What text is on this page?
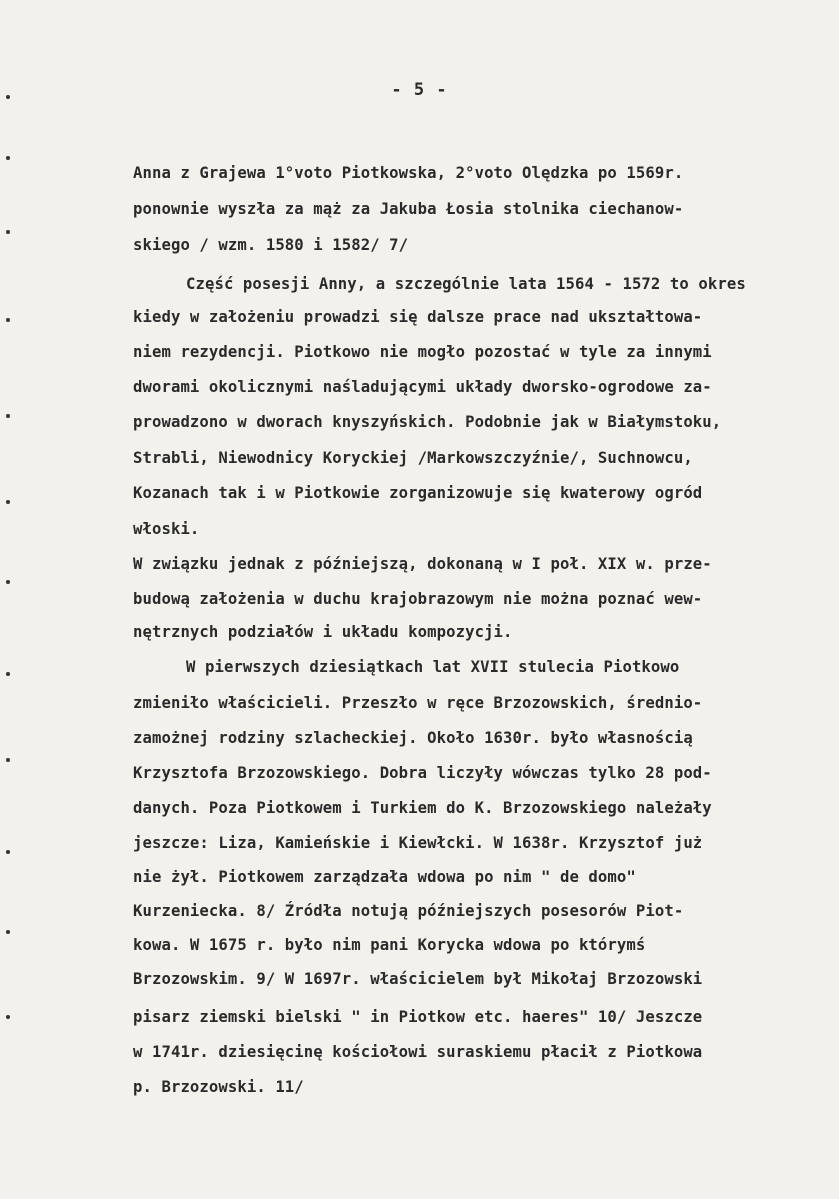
- 5 -
Anna z Grajewa 1°voto Piotkowska, 2°voto Olędzka po 1569r.
ponownie wyszła za mąż za Jakuba Łosia stolnika ciechanow-
skiego / wzm. 1580 i 1582/ 7/
Część posesji Anny, a szczególnie lata 1564 - 1572 to okres
kiedy w założeniu prowadzi się dalsze prace nad ukształtowa-
niem rezydencji. Piotkowo nie mogło pozostać w tyle za innymi
dworami okolicznymi naśladującymi układy dworsko-ogrodowe za-
prowadzono w dworach knyszyńskich. Podobnie jak w Białymstoku,
Strabli, Niewodnicy Koryckiej /Markowszczyźnie/, Suchnowcu,
Kozanach tak i w Piotkowie zorganizowuje się kwaterowy ogród
włoski.
W związku jednak z późniejszą, dokonaną w I poł. XIX w. prze-
budową założenia w duchu krajobrazowym nie można poznać wew-
nętrznych podziałów i układu kompozycji.
W pierwszych dziesiątkach lat XVII stulecia Piotkowo
zmieniło właścicieli. Przeszło w ręce Brzozowskich, średnio-
zamożnej rodziny szlacheckiej. Około 1630r. było własnością
Krzysztofa Brzozowskiego. Dobra liczyły wówczas tylko 28 pod-
danych. Poza Piotkowem i Turkiem do K. Brzozowskiego należały
jeszcze: Liza, Kamieńskie i Kiewłcki. W 1638r. Krzysztof już
nie żył. Piotkowem zarządzała wdowa po nim " de domo"
Kurzeniecka. 8/ Źródła notują późniejszych posesorów Piot-
kowa. W 1675 r. było nim pani Korycka wdowa po którymś
Brzozowskim. 9/ W 1697r. właścicielem był Mikołaj Brzozowski
pisarz ziemski bielski " in Piotkow etc. haeres" 10/ Jeszcze
w 1741r. dziesięcinę kościołowi suraskiemu płacił z Piotkowa
p. Brzozowski. 11/
